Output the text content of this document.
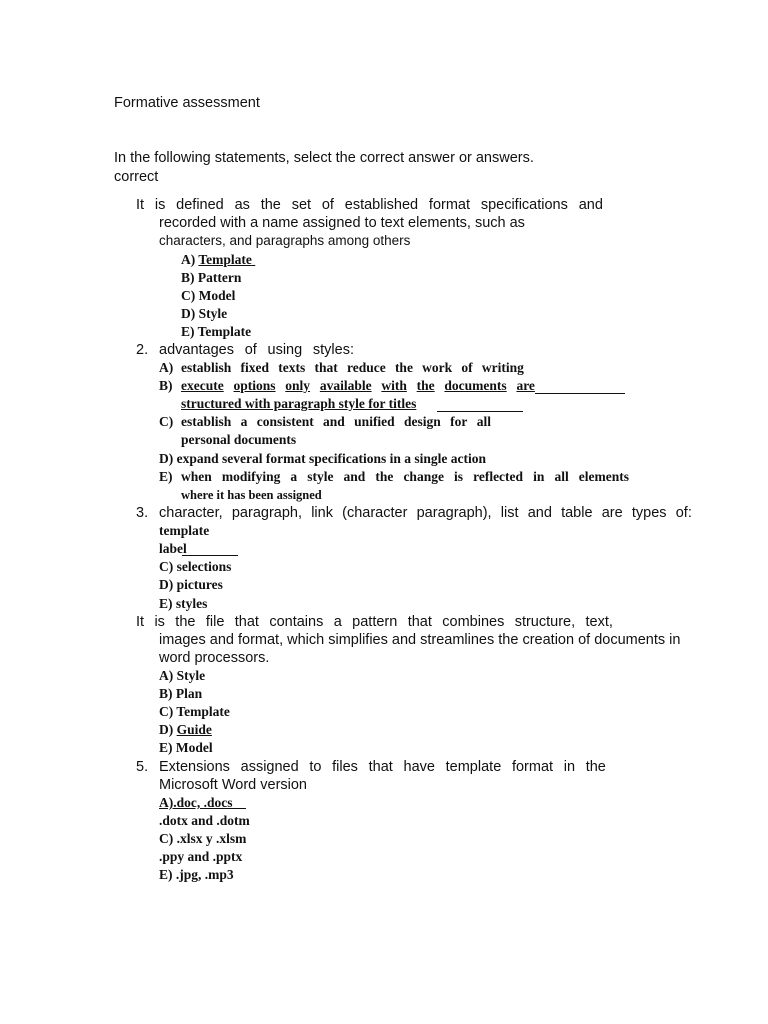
Formative assessment
In the following statements, select the correct answer or answers.
correct
It is defined as the set of established format specifications and
recorded with a name assigned to text elements, such as
characters, and paragraphs among others
A) Template
B) Pattern
C) Model
D) Style
E) Template
2. advantages of using styles:
A) establish fixed texts that reduce the work of writing
B) execute options only available with the documents are
structured with paragraph style for titles
C) establish a consistent and unified design for all
personal documents
D) expand several format specifications in a single action
E) when modifying a style and the change is reflected in all elements
where it has been assigned
3. character, paragraph, link (character paragraph), list and table are types of:
template
label
C) selections
D) pictures
E) styles
It is the file that contains a pattern that combines structure, text,
images and format, which simplifies and streamlines the creation of documents in
word processors.
A) Style
B) Plan
C) Template
D) Guide
E) Model
5. Extensions assigned to files that have template format in the
Microsoft Word version
A).doc, .docs
.dotx and .dotm
C) .xlsx y .xlsm
.ppy and .pptx
E) .jpg, .mp3
